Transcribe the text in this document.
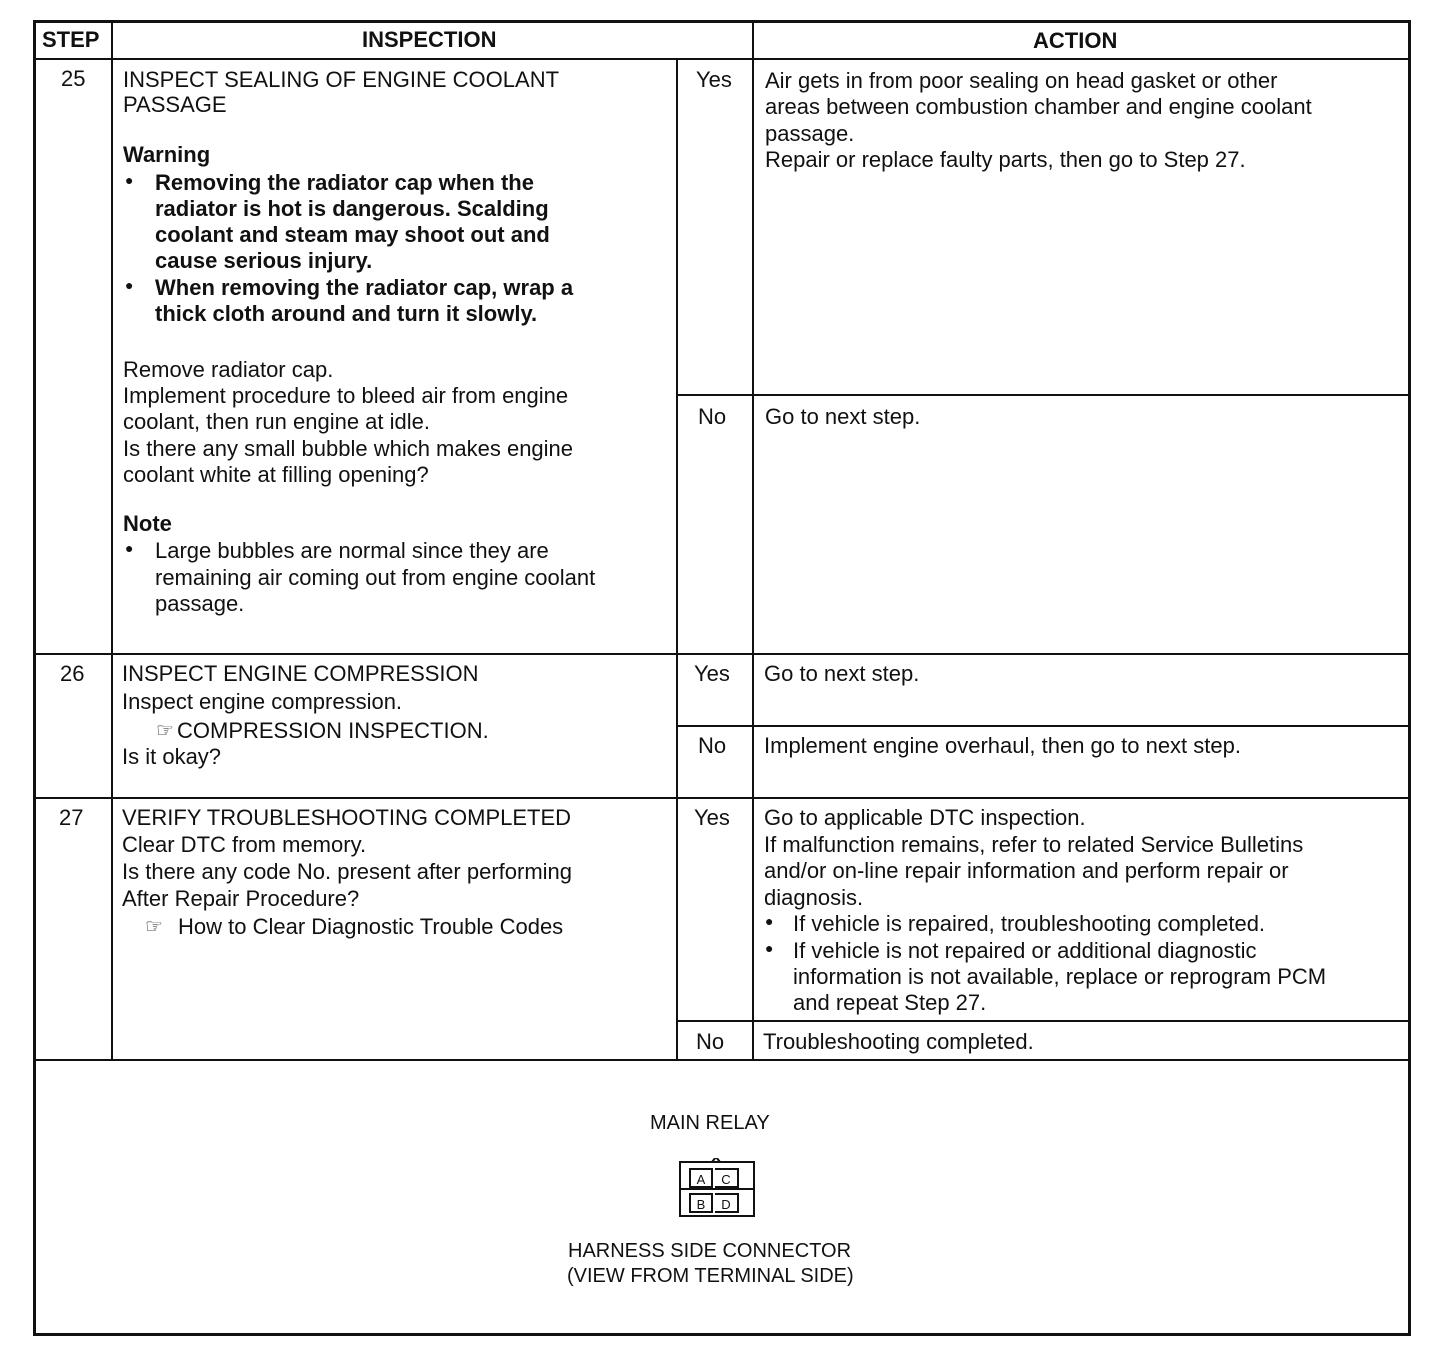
STEP	INSPECTION	ACTION
25 INSPECT SEALING OF ENGINE COOLANT
PASSAGE
Warning
● Removing the radiator cap when the
radiator is hot is dangerous. Scalding
coolant and steam may shoot out and
cause serious injury.
● When removing the radiator cap, wrap a
thick cloth around and turn it slowly.
Remove radiator cap.
Implement procedure to bleed air from engine
coolant, then run engine at idle.
Is there any small bubble which makes engine
coolant white at filling opening?
Note
● Large bubbles are normal since they are
remaining air coming out from engine coolant
passage.
Yes Air gets in from poor sealing on head gasket or other
areas between combustion chamber and engine coolant
passage.
Repair or replace faulty parts, then go to Step 27.
No Go to next step.
26 INSPECT ENGINE COMPRESSION
Inspect engine compression.
☞ COMPRESSION INSPECTION.
Is it okay?
Yes Go to next step.
No Implement engine overhaul, then go to next step.
27 VERIFY TROUBLESHOOTING COMPLETED
Clear DTC from memory.
Is there any code No. present after performing
After Repair Procedure?
☞ How to Clear Diagnostic Trouble Codes
Yes Go to applicable DTC inspection.
If malfunction remains, refer to related Service Bulletins
and/or on-line repair information and perform repair or
diagnosis.
● If vehicle is repaired, troubleshooting completed.
● If vehicle is not repaired or additional diagnostic
information is not available, replace or reprogram PCM
and repeat Step 27.
No Troubleshooting completed.
MAIN RELAY
A	C
B	D
HARNESS SIDE CONNECTOR
(VIEW FROM TERMINAL SIDE)
